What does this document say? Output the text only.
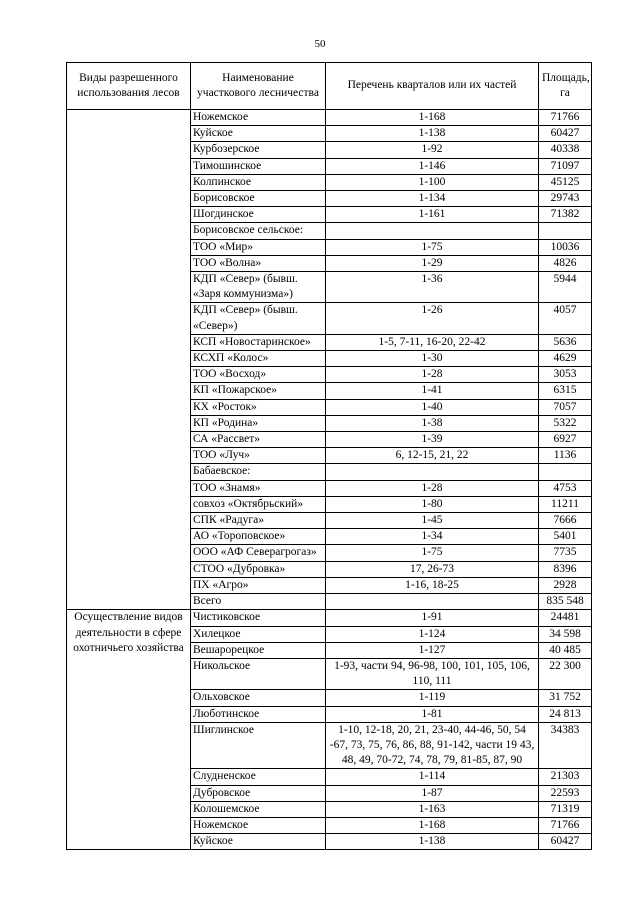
50
Виды разрешенного использования лесов	Наименование участкового лесничества	Перечень кварталов или их частей	Площадь, га
	Ножемское	1-168	71766
	Куйское	1-138	60427
	Курбозерское	1-92	40338
	Тимошинское	1-146	71097
	Колпинское	1-100	45125
	Борисовское	1-134	29743
	Шогдинское	1-161	71382
	Борисовское сельское:		
	ТОО «Мир»	1-75	10036
	ТОО «Волна»	1-29	4826
	КДП «Север» (бывш. «Заря коммунизма»)	1-36	5944
	КДП «Север» (бывш. «Север»)	1-26	4057
	КСП «Новостаринское»	1-5, 7-11, 16-20, 22-42	5636
	КСХП «Колос»	1-30	4629
	ТОО «Восход»	1-28	3053
	КП «Пожарское»	1-41	6315
	КХ «Росток»	1-40	7057
	КП «Родина»	1-38	5322
	СА «Рассвет»	1-39	6927
	ТОО «Луч»	6, 12-15, 21, 22	1136
	Бабаевское:		
	ТОО «Знамя»	1-28	4753
	совхоз «Октябрьский»	1-80	11211
	СПК «Радуга»	1-45	7666
	АО «Тороповское»	1-34	5401
	ООО «АФ Северагрогаз»	1-75	7735
	СТОО «Дубровка»	17, 26-73	8396
	ПХ «Агро»	1-16, 18-25	2928
	Всего		835 548
Осуществление видов деятельности в сфере охотничьего хозяйства	Чистиковское	1-91	24481
	Хилецкое	1-124	34 598
	Вешарорецкое	1-127	40 485
	Никольское	1-93, части 94, 96-98, 100, 101, 105, 106, 110, 111	22 300
	Ольховское	1-119	31 752
	Люботинское	1-81	24 813
	Шиглинское	1-10, 12-18, 20, 21, 23-40, 44-46, 50, 54 -67, 73, 75, 76, 86, 88, 91-142, части 19 43, 48, 49, 70-72, 74, 78, 79, 81-85, 87, 90	34383
	Слудненское	1-114	21303
	Дубровское	1-87	22593
	Колошемское	1-163	71319
	Ножемское	1-168	71766
	Куйское	1-138	60427
